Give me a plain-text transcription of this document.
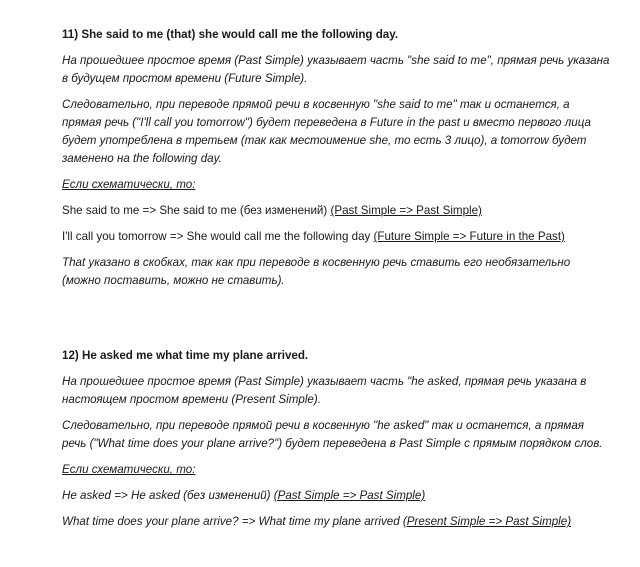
11) She said to me (that) she would call me the following day.

На прошедшее простое время (Past Simple) указывает часть "she said to me", прямая речь указана в будущем простом времени (Future Simple).

Следовательно, при переводе прямой речи в косвенную "she said to me" так и останется, а прямая речь ("I'll call you tomorrow") будет переведена в Future in the past и вместо первого лица будет употреблена в третьем (так как местоимение she, то есть 3 лицо), а tomorrow будет заменено на the following day.

Если схематически, то:

She said to me => She said to me (без изменений) (Past Simple => Past Simple)

I'll call you tomorrow => She would call me the following day (Future Simple => Future in the Past)

That указано в скобках, так как при переводе в косвенную речь ставить его необязательно (можно поставить, можно не ставить).

12) He asked me what time my plane arrived.

На прошедшее простое время (Past Simple) указывает часть "he asked, прямая речь указана в настоящем простом времени (Present Simple).

Следовательно, при переводе прямой речи в косвенную "he asked" так и останется, а прямая речь ("What time does your plane arrive?") будет переведена в Past Simple с прямым порядком слов.

Если схематически, то:

He asked => He asked (без изменений) (Past Simple => Past Simple)

What time does your plane arrive? => What time my plane arrived (Present Simple => Past Simple)
